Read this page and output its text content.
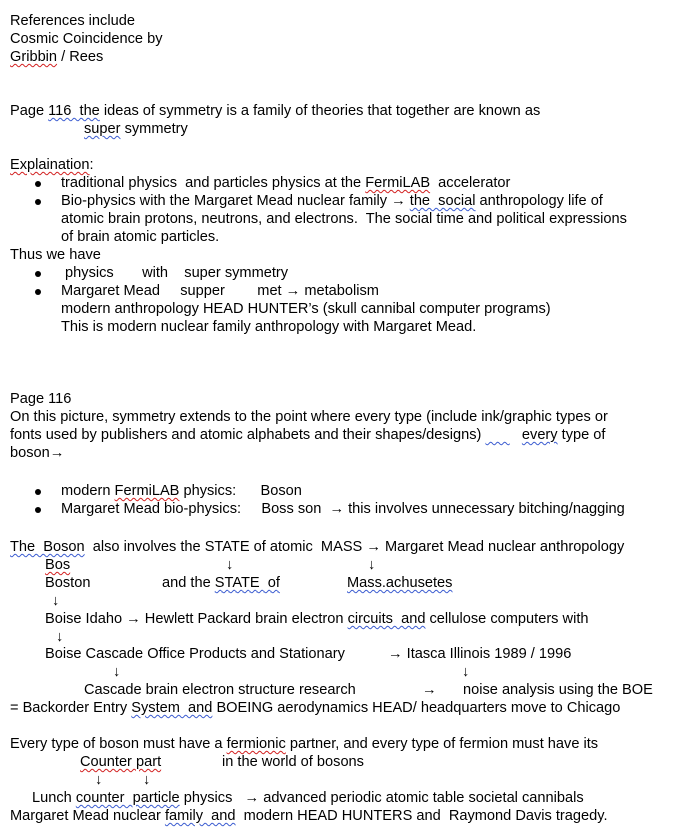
References include
Cosmic Coincidence by
Gribbin / Rees
Page 116  the ideas of symmetry is a family of theories that together are known as
super symmetry
Explaination:
traditional physics  and particles physics at the FermiLAB  accelerator
Bio-physics with the Margaret Mead nuclear family → the  social anthropology life of
atomic brain protons, neutrons, and electrons.  The social time and political expressions
of brain atomic particles.
Thus we have
physics       with    super symmetry
Margaret Mead     supper        met → metabolism
modern anthropology HEAD HUNTER’s (skull cannibal computer programs)
This is modern nuclear family anthropology with Margaret Mead.
Page 116
On this picture, symmetry extends to the point where every type (include ink/graphic types or
fonts used by publishers and atomic alphabets and their shapes/designs) ...... every type of
boson→
modern FermiLAB physics:      Boson
Margaret Mead bio-physics:     Boss son  → this involves unnecessary bitching/nagging
The  Boson  also involves the STATE of atomic  MASS → Margaret Mead nuclear anthropology
Bos	↓	↓
Boston	and the STATE  of	Mass.achusetes
↓
Boise Idaho → Hewlett Packard brain electron circuits  and cellulose computers with
↓
Boise Cascade Office Products and Stationary	→ Itasca Illinois 1989 / 1996
↓	↓
Cascade brain electron structure research	→ noise analysis using the BOE
= Backorder Entry System  and BOEING aerodynamics HEAD/ headquarters move to Chicago
Every type of boson must have a fermionic partner, and every type of fermion must have its
Counter part	in the world of bosons
↓	↓
Lunch counter  particle physics   → advanced periodic atomic table societal cannibals
Margaret Mead nuclear family  and  modern HEAD HUNTERS and  Raymond Davis tragedy.
